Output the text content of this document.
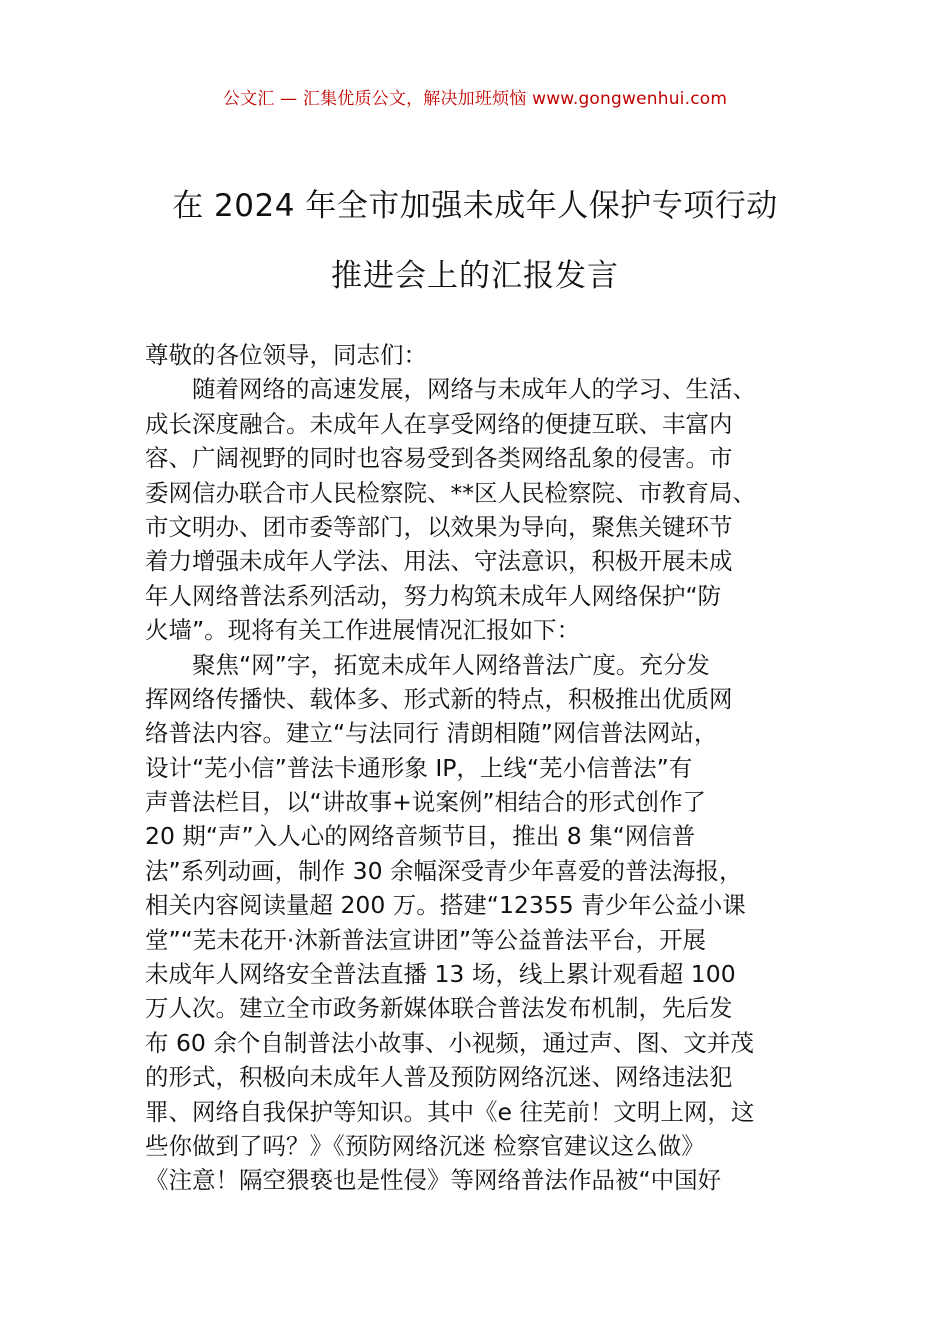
公文汇 — 汇集优质公文，解决加班烦恼 www.gongwenhui.com
在 2024 年全市加强未成年人保护专项行动
推进会上的汇报发言
尊敬的各位领导，同志们：
随着网络的高速发展，网络与未成年人的学习、生活、
成长深度融合。未成年人在享受网络的便捷互联、丰富内
容、广阔视野的同时也容易受到各类网络乱象的侵害。市
委网信办联合市人民检察院、**区人民检察院、市教育局、
市文明办、团市委等部门，以效果为导向，聚焦关键环节
着力增强未成年人学法、用法、守法意识，积极开展未成
年人网络普法系列活动，努力构筑未成年人网络保护“防
火墙”。现将有关工作进展情况汇报如下：
聚焦“网”字，拓宽未成年人网络普法广度。充分发
挥网络传播快、载体多、形式新的特点，积极推出优质网
络普法内容。建立“与法同行 清朗相随”网信普法网站，
设计“芜小信”普法卡通形象 IP，上线“芜小信普法”有
声普法栏目，以“讲故事+说案例”相结合的形式创作了
20 期“声”入人心的网络音频节目，推出 8 集“网信普
法”系列动画，制作 30 余幅深受青少年喜爱的普法海报，
相关内容阅读量超 200 万。搭建“12355 青少年公益小课
堂”“芜未花开·沐新普法宣讲团”等公益普法平台，开展
未成年人网络安全普法直播 13 场，线上累计观看超 100
万人次。建立全市政务新媒体联合普法发布机制，先后发
布 60 余个自制普法小故事、小视频，通过声、图、文并茂
的形式，积极向未成年人普及预防网络沉迷、网络违法犯
罪、网络自我保护等知识。其中《e 往芜前！文明上网，这
些你做到了吗？》《预防网络沉迷 检察官建议这么做》
《注意！隔空猥亵也是性侵》等网络普法作品被“中国好
